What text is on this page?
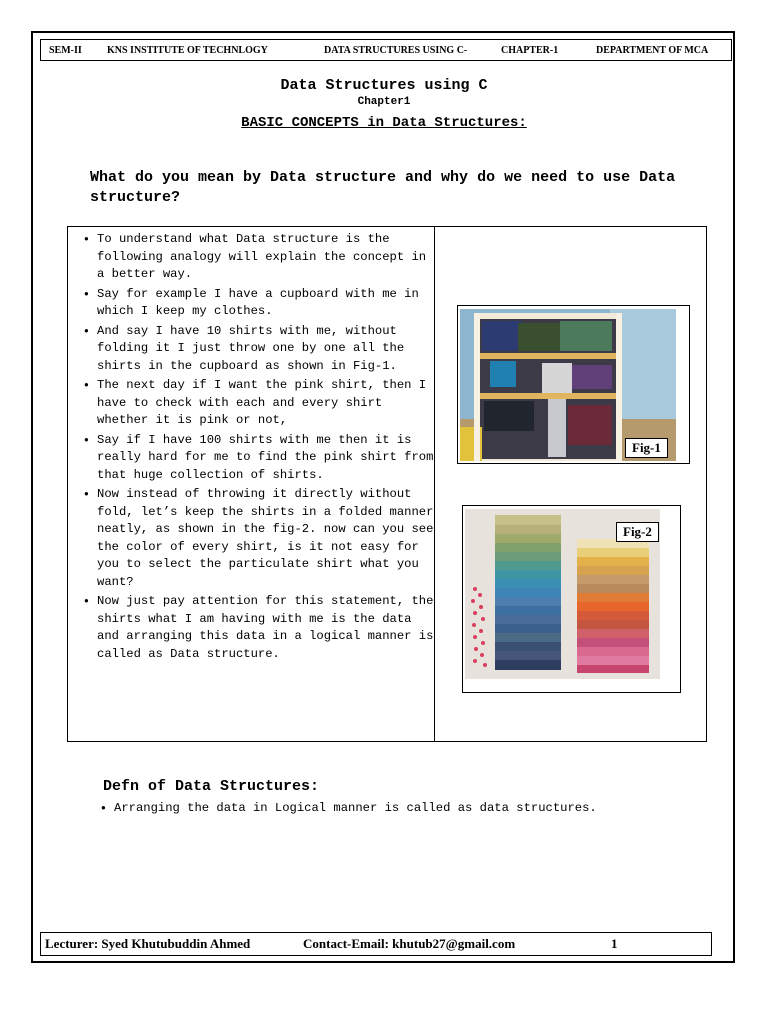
SEM-II	KNS INSTITUTE OF TECHNLOGY	DATA STRUCTURES USING C-	CHAPTER-1	DEPARTMENT OF MCA
Data Structures using C
Chapter1
BASIC CONCEPTS in Data Structures:
What do you mean by Data structure and why do we need to use Data structure?
● To understand what Data structure is the following analogy will explain the concept in a better way.
● Say for example I have a cupboard with me in which I keep my clothes.
● And say I have 10 shirts with me, without folding it I just throw one by one all the shirts in the cupboard as shown in Fig-1.
● The next day if I want the pink shirt, then I have to check with each and every shirt whether it is pink or not,
● Say if I have 100 shirts with me then it is really hard for me to find the pink shirt from that huge collection of shirts.
● Now instead of throwing it directly without fold, let’s keep the shirts in a folded manner neatly, as shown in the fig-2. now can you see the color of every shirt, is it not easy for you to select the particulate shirt what you want?
● Now just pay attention for this statement, the shirts what I am having with me is the data and arranging this data in a logical manner is called as Data structure.
Fig-1
Fig-2
Defn of Data Structures:
● Arranging the data in Logical manner is called as data structures.
Lecturer: Syed Khutubuddin Ahmed	Contact-Email: khutub27@gmail.com	1
